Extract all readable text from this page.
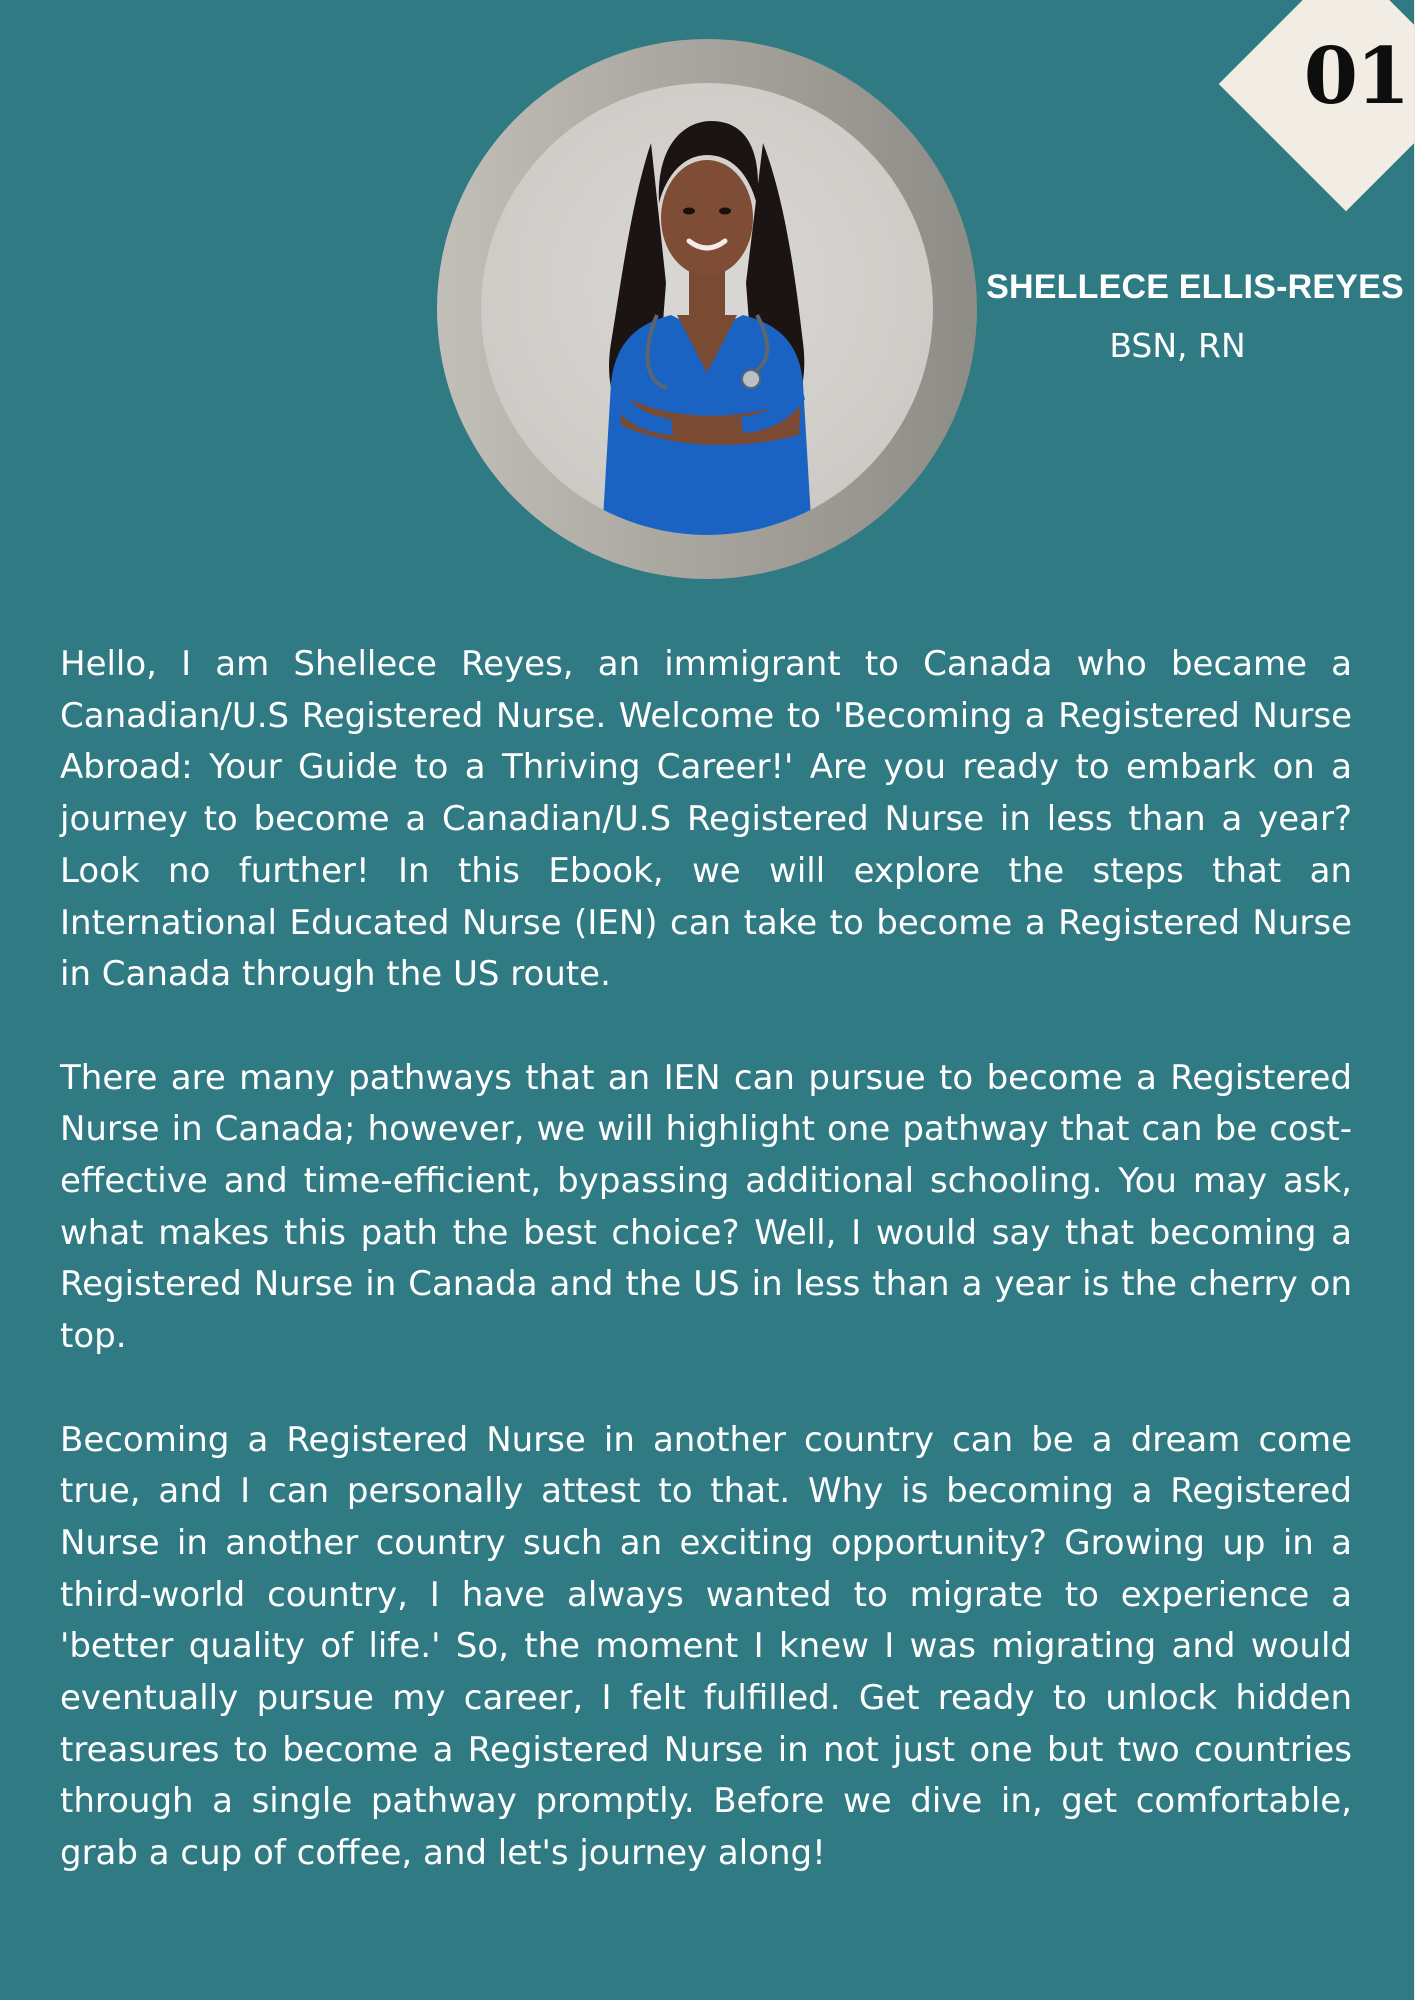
01
SHELLECE ELLIS-REYES
BSN, RN

Hello, I am Shellece Reyes, an immigrant to Canada who became a Canadian/U.S Registered Nurse. Welcome to 'Becoming a Registered Nurse Abroad: Your Guide to a Thriving Career!' Are you ready to embark on a journey to become a Canadian/U.S Registered Nurse in less than a year? Look no further! In this Ebook, we will explore the steps that an International Educated Nurse (IEN) can take to become a Registered Nurse in Canada through the US route.

There are many pathways that an IEN can pursue to become a Registered Nurse in Canada; however, we will highlight one pathway that can be cost-effective and time-efficient, bypassing additional schooling. You may ask, what makes this path the best choice? Well, I would say that becoming a Registered Nurse in Canada and the US in less than a year is the cherry on top.

Becoming a Registered Nurse in another country can be a dream come true, and I can personally attest to that. Why is becoming a Registered Nurse in another country such an exciting opportunity? Growing up in a third-world country, I have always wanted to migrate to experience a 'better quality of life.' So, the moment I knew I was migrating and would eventually pursue my career, I felt fulfilled. Get ready to unlock hidden treasures to become a Registered Nurse in not just one but two countries through a single pathway promptly. Before we dive in, get comfortable, grab a cup of coffee, and let's journey along!
